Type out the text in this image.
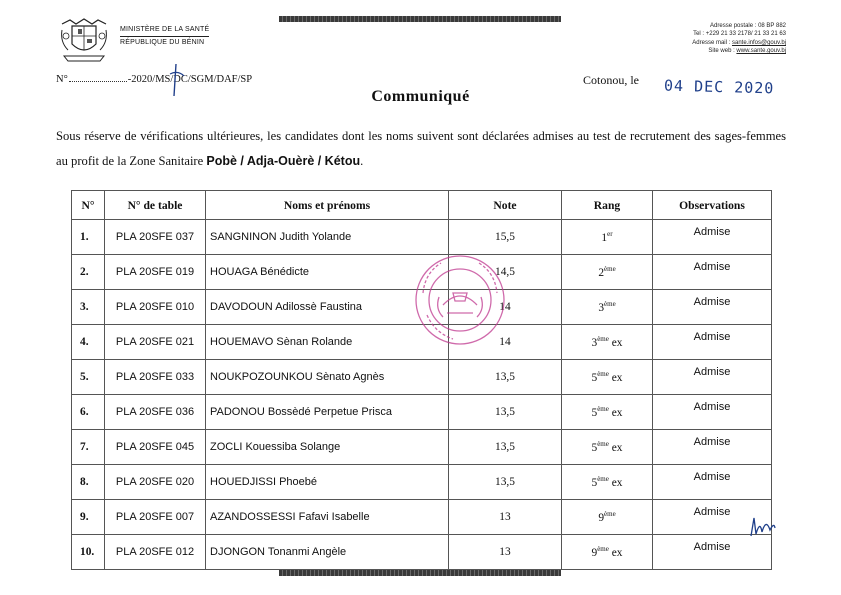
MINISTÈRE DE LA SANTÉ
RÉPUBLIQUE DU BÉNIN
Adresse postale : 08 BP 882
Tel : +229 21 33 2178/ 21 33 21 63
Adresse mail : sante.infos@gouv.bj
Site web : www.sante.gouv.bj
N°	-2020/MS/DC/SGM/DAF/SP	Cotonou, le 04 DEC 2020
Communiqué
Sous réserve de vérifications ultérieures, les candidates dont les noms suivent sont déclarées admises au test de recrutement des sages-femmes au profit de la Zone Sanitaire Pobè / Adja-Ouèrè / Kétou.
N°	N° de table	Noms et prénoms	Note	Rang	Observations
1.	PLA 20SFE 037	SANGNINON Judith Yolande	15,5	1er	Admise
2.	PLA 20SFE 019	HOUAGA Bénédicte	14,5	2ème	Admise
3.	PLA 20SFE 010	DAVODOUN Adilossè Faustina	14	3ème	Admise
4.	PLA 20SFE 021	HOUEMAVO Sènan Rolande	14	3ème ex	Admise
5.	PLA 20SFE 033	NOUKPOZOUNKOU Sènato Agnès	13,5	5ème ex	Admise
6.	PLA 20SFE 036	PADONOU Bossèdé Perpetue Prisca	13,5	5ème ex	Admise
7.	PLA 20SFE 045	ZOCLI Kouessiba Solange	13,5	5ème ex	Admise
8.	PLA 20SFE 020	HOUEDJISSI Phoebé	13,5	5ème ex	Admise
9.	PLA 20SFE 007	AZANDOSSESSI Fafavi Isabelle	13	9ème	Admise
10.	PLA 20SFE 012	DJONGON Tonanmi Angèle	13	9ème ex	Admise
